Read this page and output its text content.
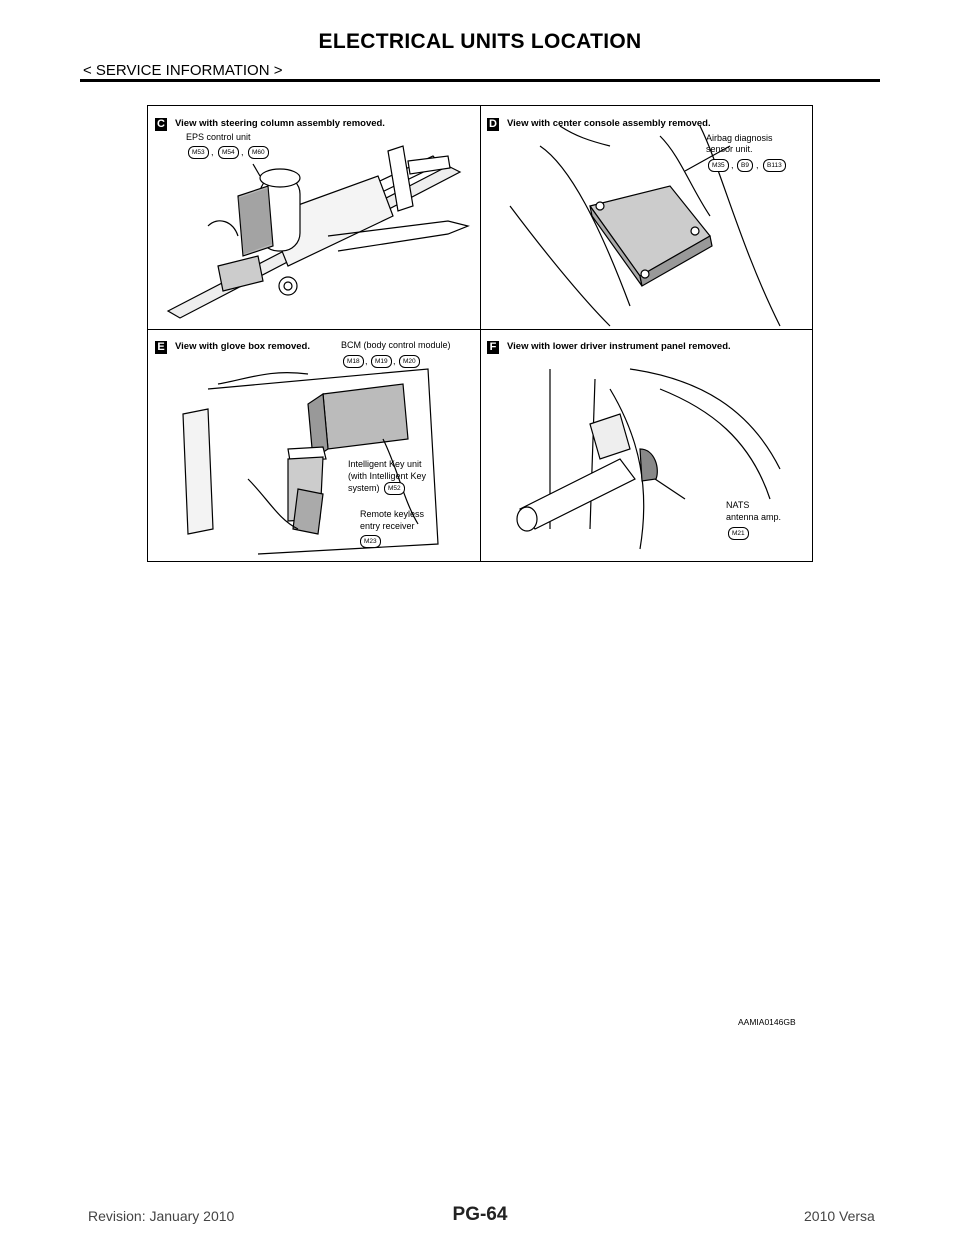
ELECTRICAL UNITS LOCATION
< SERVICE INFORMATION >
C View with steering column assembly removed.
EPS control unit
M53 ,	M54 ,	M60
D View with center console assembly removed.
Airbag diagnosis
sensor unit.
M35 ,	B9 ,	B113
E View with glove box removed.	BCM (body control module)
M18 ,	M19 ,	M20
Intelligent Key unit
(with Intelligent Key
system)	M52
Remote keyless
entry receiver
M23
F View with lower driver instrument panel removed.
NATS
antenna amp.
M21
AAMIA0146GB
Revision: January 2010	PG-64	2010 Versa
